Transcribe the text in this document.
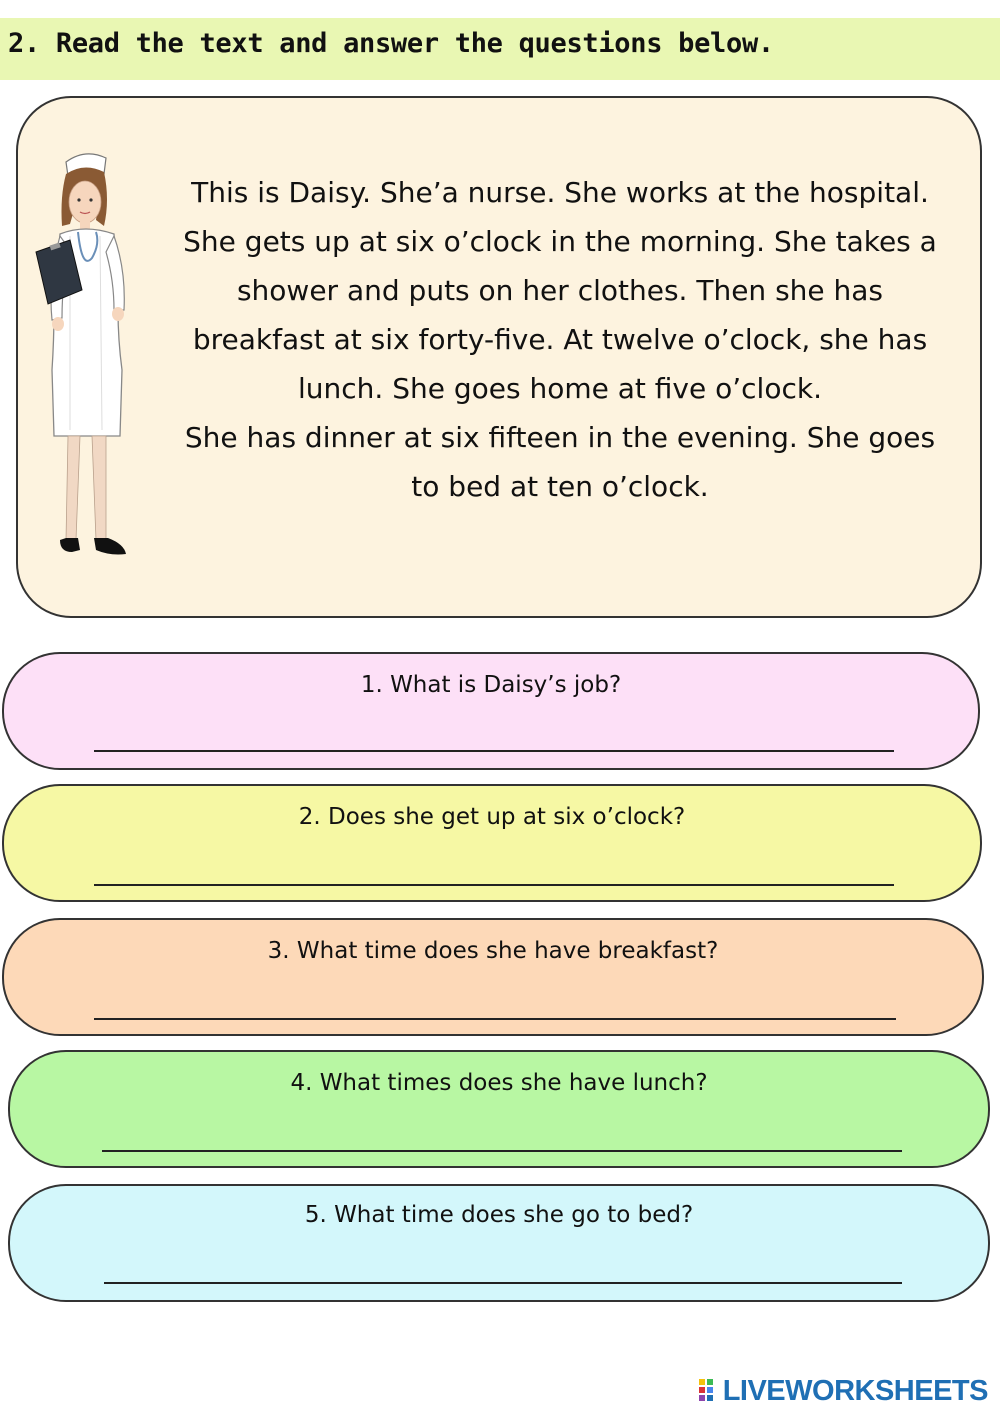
2. Read the text and answer the questions below.
This is Daisy. She’a nurse. She works at the hospital.
She gets up at six o’clock in the morning. She takes a
shower and puts on her clothes. Then she has
breakfast at six forty-five. At twelve o’clock, she has
lunch. She goes home at five o’clock.
She has dinner at six fifteen in the evening. She goes
to bed at ten o’clock.
1. What is Daisy’s job?
2. Does she get up at six o’clock?
3. What time does she have breakfast?
4. What times does she have lunch?
5. What time does she go to bed?
LIVEWORKSHEETS
